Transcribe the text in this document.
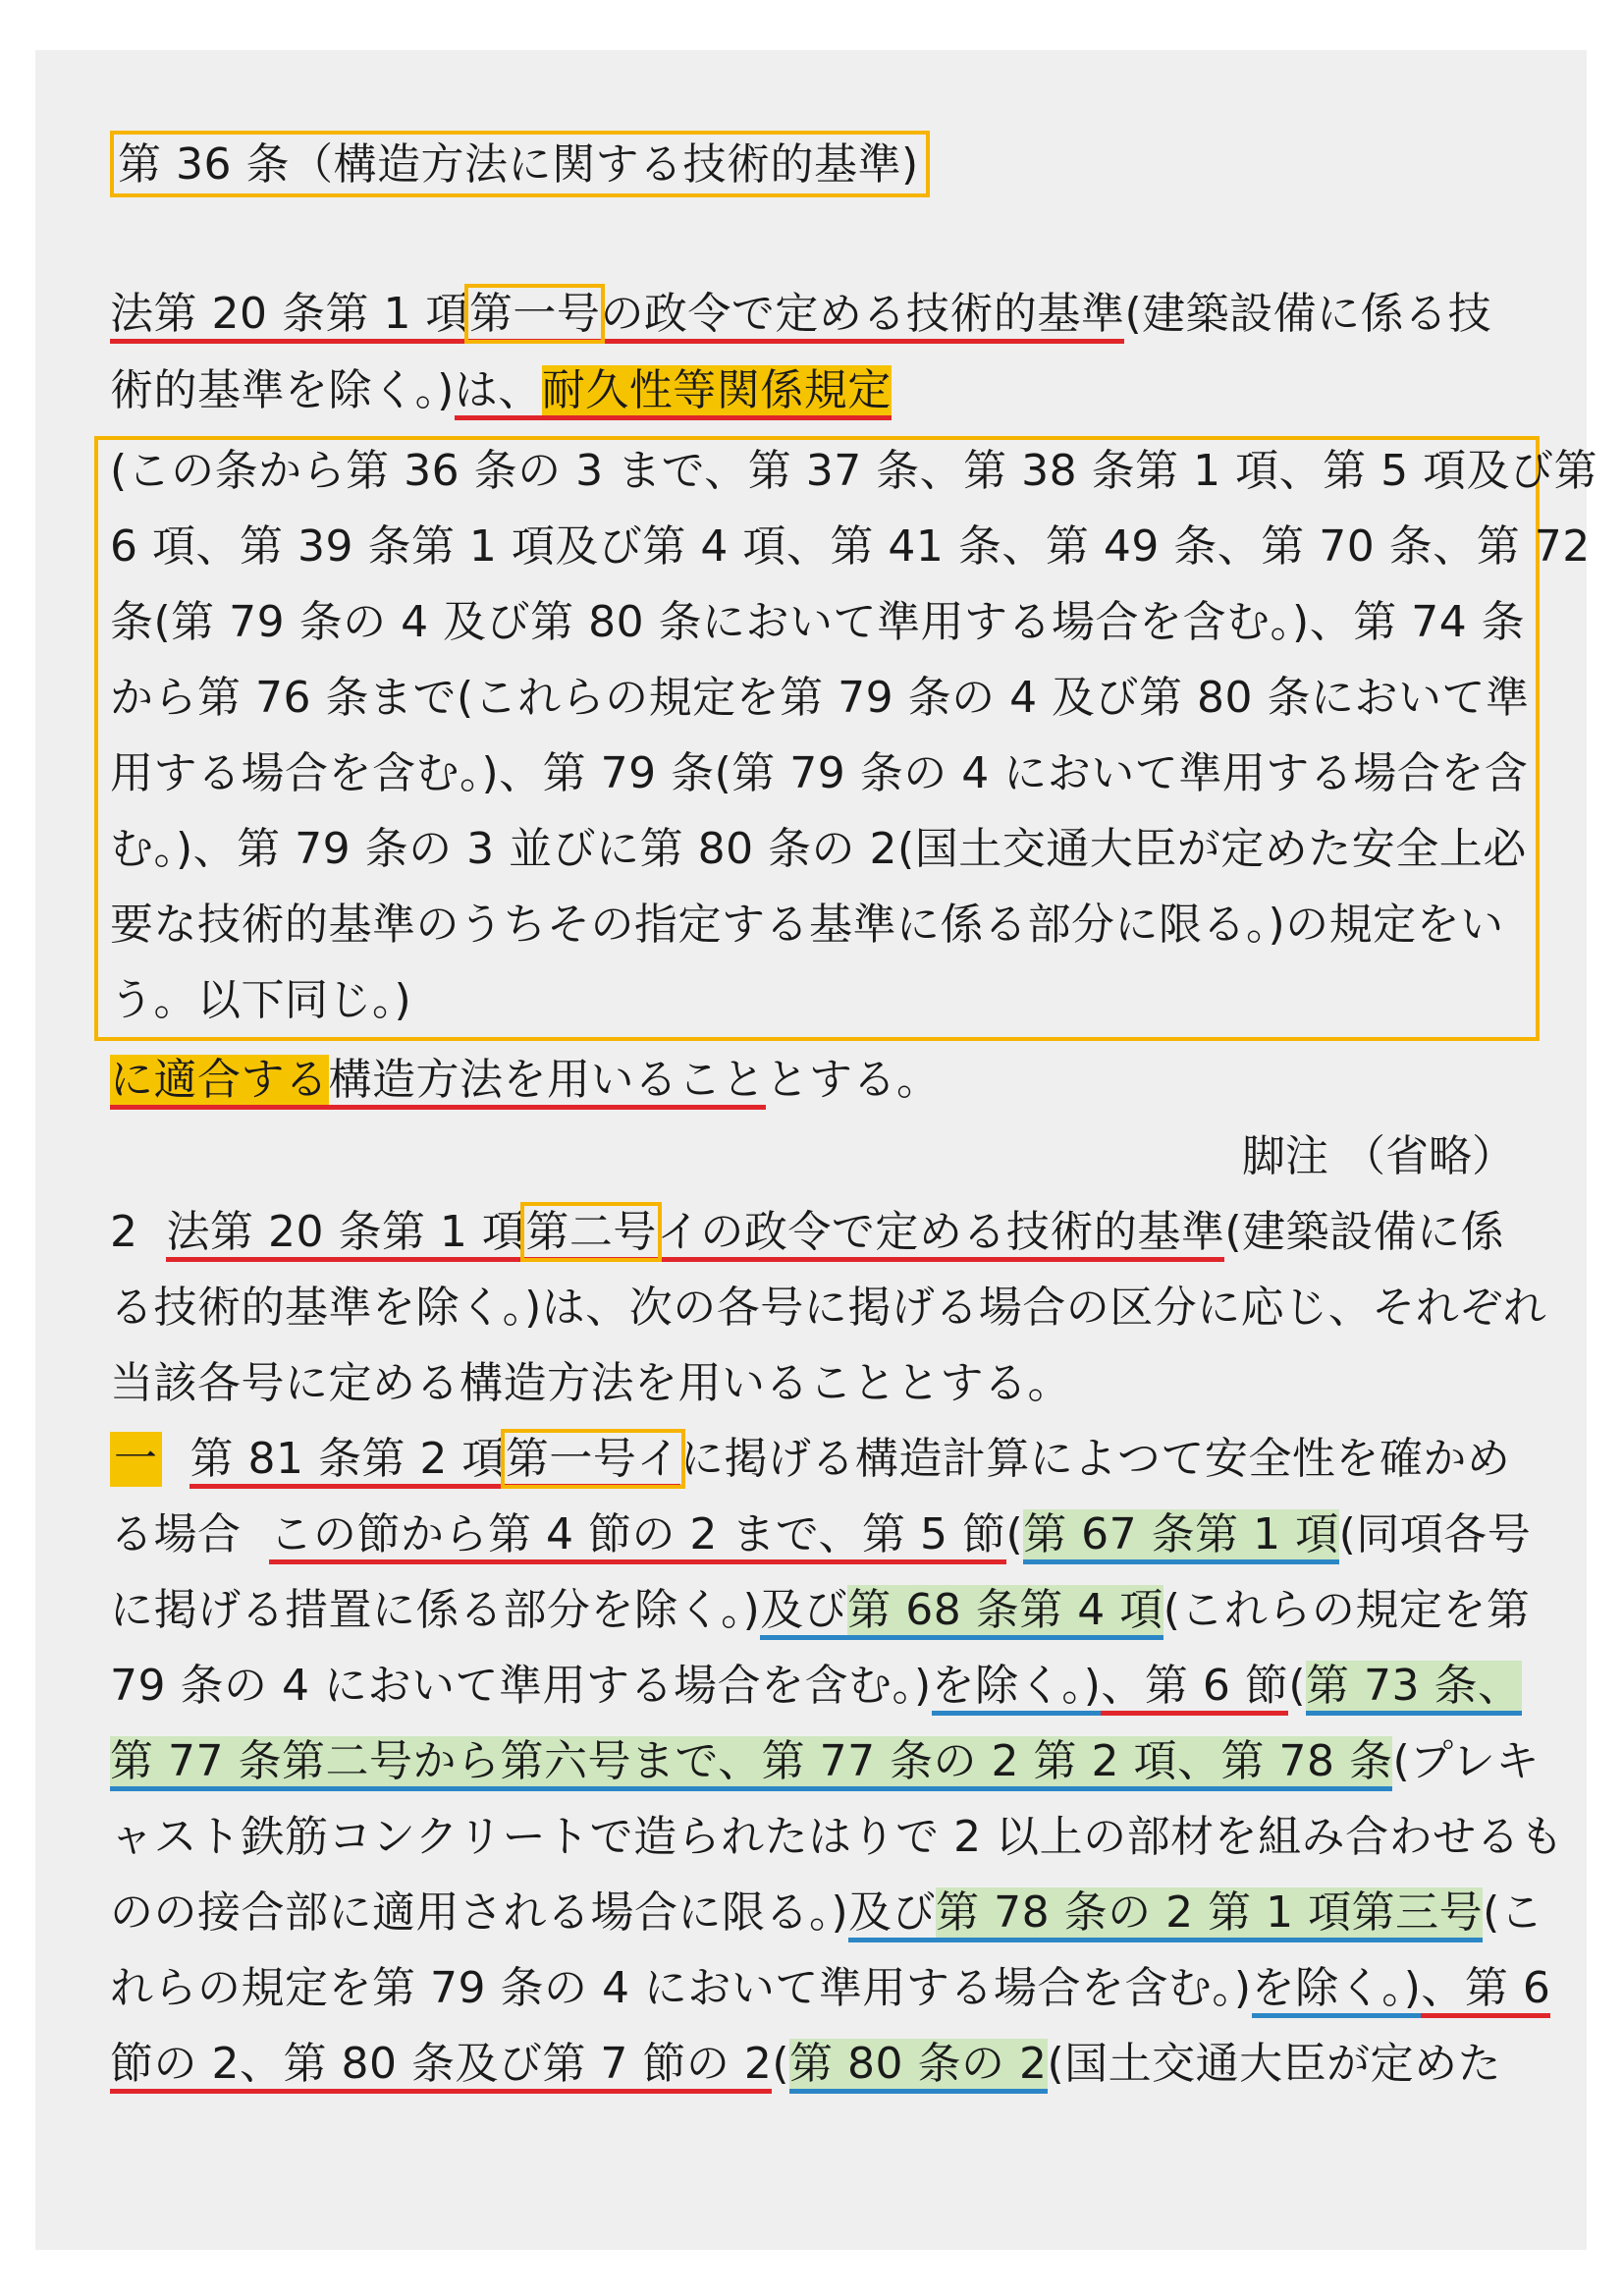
第 36 条（構造方法に関する技術的基準)
法第 20 条第 1 項第一号の政令で定める技術的基準(建築設備に係る技
術的基準を除く。)は、耐久性等関係規定
(この条から第 36 条の 3 まで、第 37 条、第 38 条第 1 項、第 5 項及び第
6 項、第 39 条第 1 項及び第 4 項、第 41 条、第 49 条、第 70 条、第 72
条(第 79 条の 4 及び第 80 条において準用する場合を含む。)、第 74 条
から第 76 条まで(これらの規定を第 79 条の 4 及び第 80 条において準
用する場合を含む。)、第 79 条(第 79 条の 4 において準用する場合を含
む。)、第 79 条の 3 並びに第 80 条の 2(国土交通大臣が定めた安全上必
要な技術的基準のうちその指定する基準に係る部分に限る。)の規定をい
う。以下同じ。)
に適合する構造方法を用いることとする。
脚注 （省略）
2 法第 20 条第 1 項第二号イの政令で定める技術的基準(建築設備に係
る技術的基準を除く。)は、次の各号に掲げる場合の区分に応じ、それぞれ
当該各号に定める構造方法を用いることとする。
一 第 81 条第 2 項第一号イに掲げる構造計算によつて安全性を確かめ
る場合 この節から第 4 節の 2 まで、第 5 節(第 67 条第 1 項(同項各号
に掲げる措置に係る部分を除く。)及び第 68 条第 4 項(これらの規定を第
79 条の 4 において準用する場合を含む。)を除く。)、第 6 節(第 73 条、
第 77 条第二号から第六号まで、第 77 条の 2 第 2 項、第 78 条(プレキ
ャスト鉄筋コンクリートで造られたはりで 2 以上の部材を組み合わせるも
のの接合部に適用される場合に限る。)及び第 78 条の 2 第 1 項第三号(こ
れらの規定を第 79 条の 4 において準用する場合を含む。)を除く。)、第 6
節の 2、第 80 条及び第 7 節の 2(第 80 条の 2(国土交通大臣が定めた
